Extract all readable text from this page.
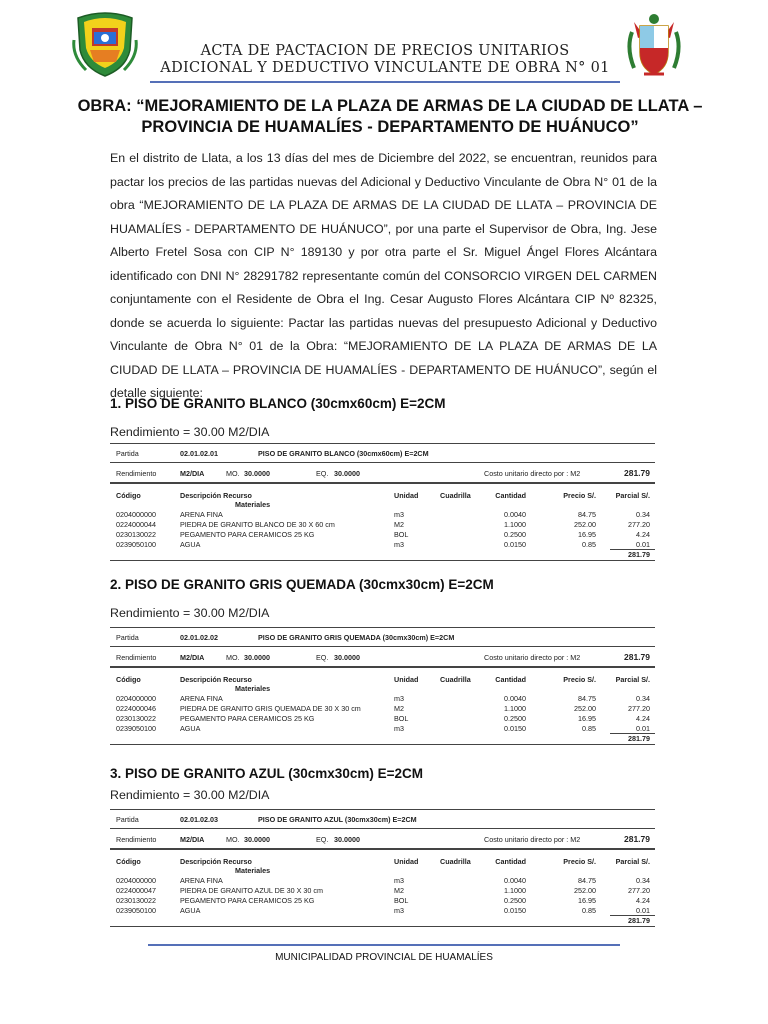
ACTA DE PACTACION DE PRECIOS UNITARIOS
ADICIONAL Y DEDUCTIVO VINCULANTE DE OBRA N° 01
OBRA: “MEJORAMIENTO DE LA PLAZA DE ARMAS DE LA CIUDAD DE LLATA – PROVINCIA DE HUAMALÍES - DEPARTAMENTO DE HUÁNUCO”
En el distrito de Llata, a los 13 días del mes de Diciembre del 2022, se encuentran, reunidos para pactar los precios de las partidas nuevas del Adicional y Deductivo Vinculante de Obra N° 01 de la obra “MEJORAMIENTO DE LA PLAZA DE ARMAS DE LA CIUDAD DE LLATA – PROVINCIA DE HUAMALÍES - DEPARTAMENTO DE HUÁNUCO”, por una parte el Supervisor de Obra, Ing. Jese Alberto Fretel Sosa con CIP N° 189130 y por otra parte el Sr. Miguel Ángel Flores Alcántara identificado con DNI N° 28291782 representante común del CONSORCIO VIRGEN DEL CARMEN conjuntamente con el Residente de Obra el Ing. Cesar Augusto Flores Alcántara CIP Nº 82325, donde se acuerda lo siguiente: Pactar las partidas nuevas del presupuesto Adicional y Deductivo Vinculante de Obra N° 01 de la Obra: “MEJORAMIENTO DE LA PLAZA DE ARMAS DE LA CIUDAD DE LLATA – PROVINCIA DE HUAMALÍES - DEPARTAMENTO DE HUÁNUCO”, según el detalle siguiente:
1. PISO DE GRANITO BLANCO (30cmx60cm) E=2CM
Rendimiento = 30.00 M2/DIA
Partida	02.01.02.01	PISO DE GRANITO BLANCO (30cmx60cm) E=2CM
Rendimiento	M2/DIA	MO. 30.0000	EQ. 30.0000	Costo unitario directo por : M2	281.79
Código	Descripción Recurso	Unidad	Cuadrilla	Cantidad	Precio S/.	Parcial S/.
Materiales
0204000000	ARENA FINA	m3	0.0040	84.75	0.34
0224000044	PIEDRA DE GRANITO BLANCO DE 30 X 60 cm	M2	1.1000	252.00	277.20
0230130022	PEGAMENTO PARA CERAMICOS 25 KG	BOL	0.2500	16.95	4.24
0239050100	AGUA	m3	0.0150	0.85	0.01
281.79
2. PISO DE GRANITO GRIS QUEMADA (30cmx30cm) E=2CM
Rendimiento = 30.00 M2/DIA
Partida	02.01.02.02	PISO DE GRANITO GRIS QUEMADA (30cmx30cm) E=2CM
Rendimiento	M2/DIA	MO. 30.0000	EQ. 30.0000	Costo unitario directo por : M2	281.79
Código	Descripción Recurso	Unidad	Cuadrilla	Cantidad	Precio S/.	Parcial S/.
Materiales
0204000000	ARENA FINA	m3	0.0040	84.75	0.34
0224000046	PIEDRA DE GRANITO GRIS QUEMADA DE 30 X 30 cm	M2	1.1000	252.00	277.20
0230130022	PEGAMENTO PARA CERAMICOS 25 KG	BOL	0.2500	16.95	4.24
0239050100	AGUA	m3	0.0150	0.85	0.01
281.79
3. PISO DE GRANITO AZUL (30cmx30cm) E=2CM
Rendimiento = 30.00 M2/DIA
Partida	02.01.02.03	PISO DE GRANITO AZUL (30cmx30cm) E=2CM
Rendimiento	M2/DIA	MO. 30.0000	EQ. 30.0000	Costo unitario directo por : M2	281.79
Código	Descripción Recurso	Unidad	Cuadrilla	Cantidad	Precio S/.	Parcial S/.
Materiales
0204000000	ARENA FINA	m3	0.0040	84.75	0.34
0224000047	PIEDRA DE GRANITO AZUL DE 30 X 30 cm	M2	1.1000	252.00	277.20
0230130022	PEGAMENTO PARA CERAMICOS 25 KG	BOL	0.2500	16.95	4.24
0239050100	AGUA	m3	0.0150	0.85	0.01
281.79
MUNICIPALIDAD PROVINCIAL DE HUAMALÍES
